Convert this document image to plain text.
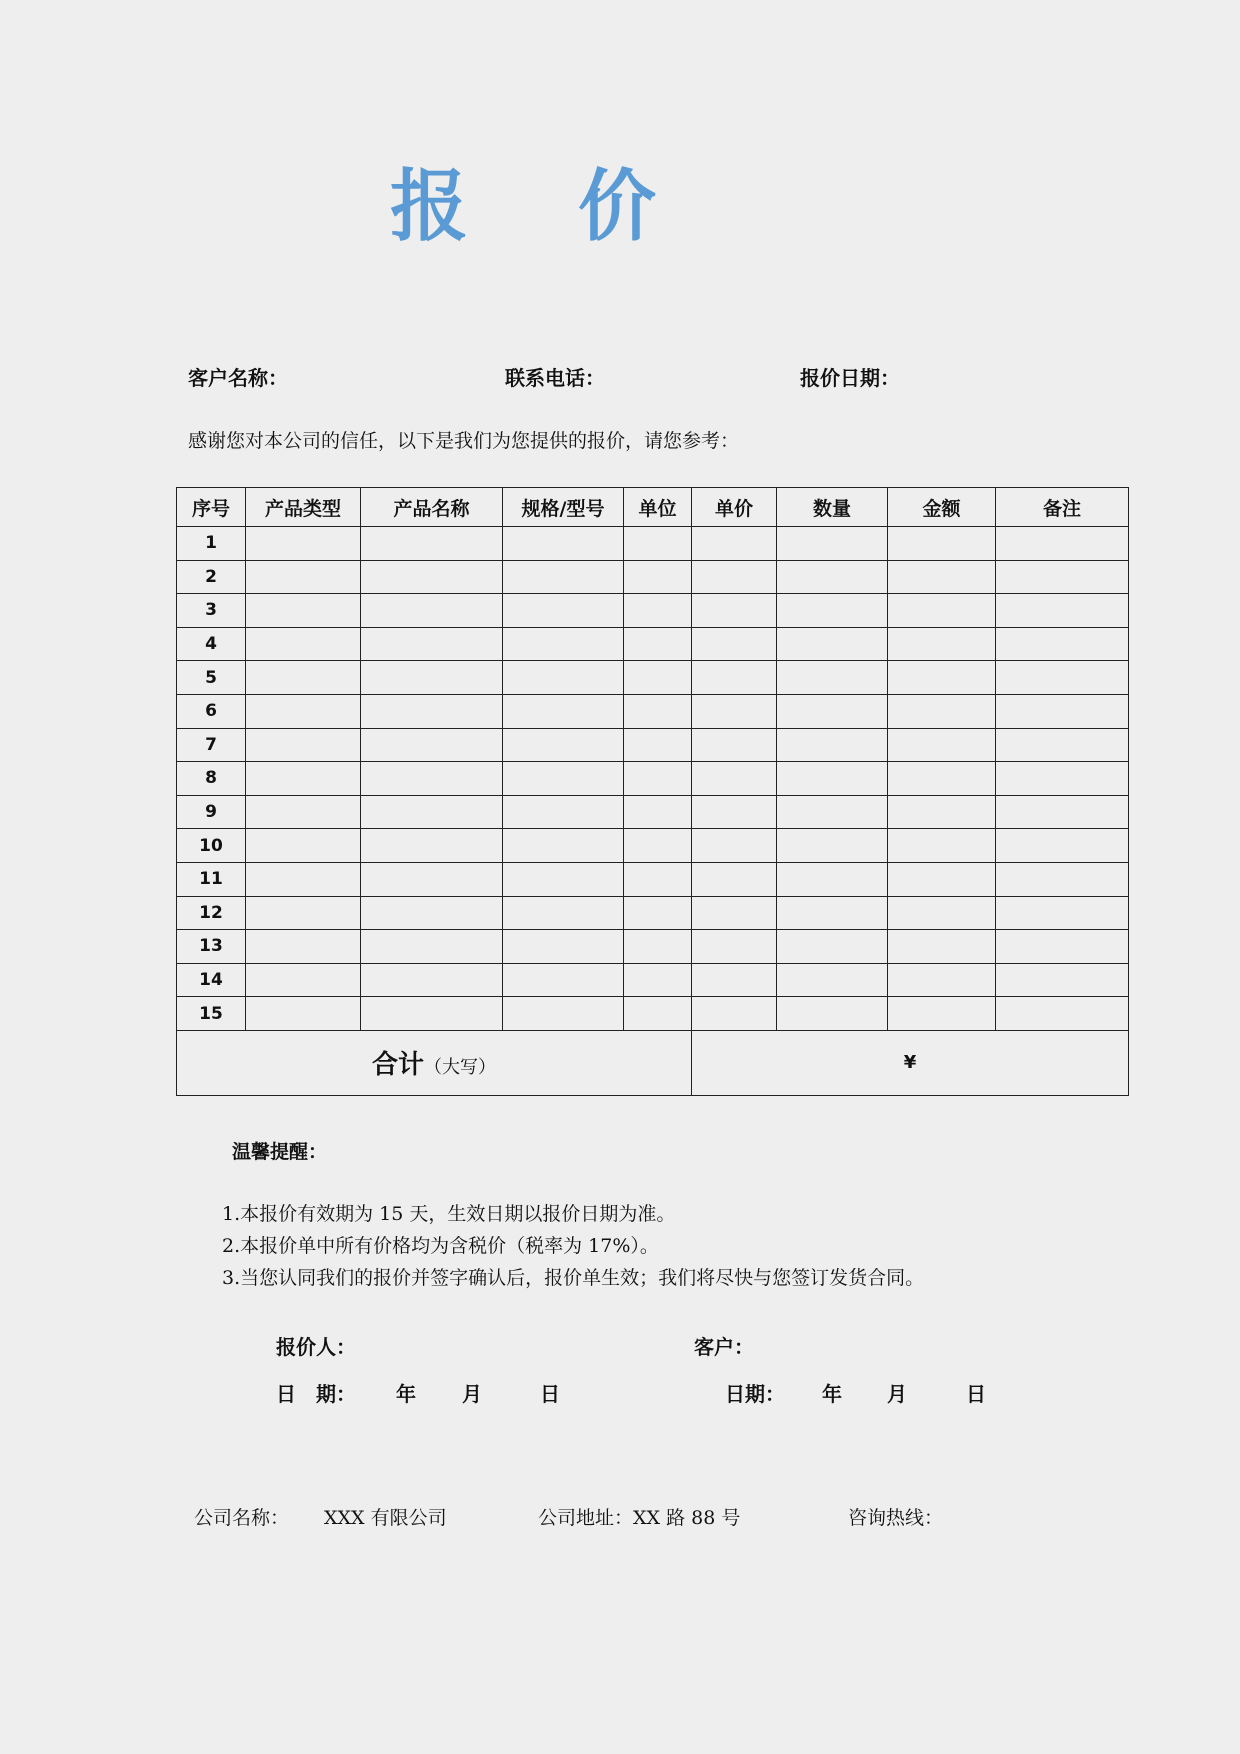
报 价
客户名称：	联系电话：	报价日期：
感谢您对本公司的信任，以下是我们为您提供的报价，请您参考：
序号	产品类型	产品名称	规格/型号	单位	单价	数量	金额	备注
1								
2								
3								
4								
5								
6								
7								
8								
9								
10								
11								
12								
13								
14								
15								
合计（大写）					¥			
温馨提醒：
1.本报价有效期为 15 天，生效日期以报价日期为准。
2.本报价单中所有价格均为含税价（税率为 17%）。
3.当您认同我们的报价并签字确认后，报价单生效；我们将尽快与您签订发货合同。
报价人：	客户：
日　期： 年 月	日	日期： 年 月	日
公司名称： XXX 有限公司	公司地址：XX 路 88 号	咨询热线：
